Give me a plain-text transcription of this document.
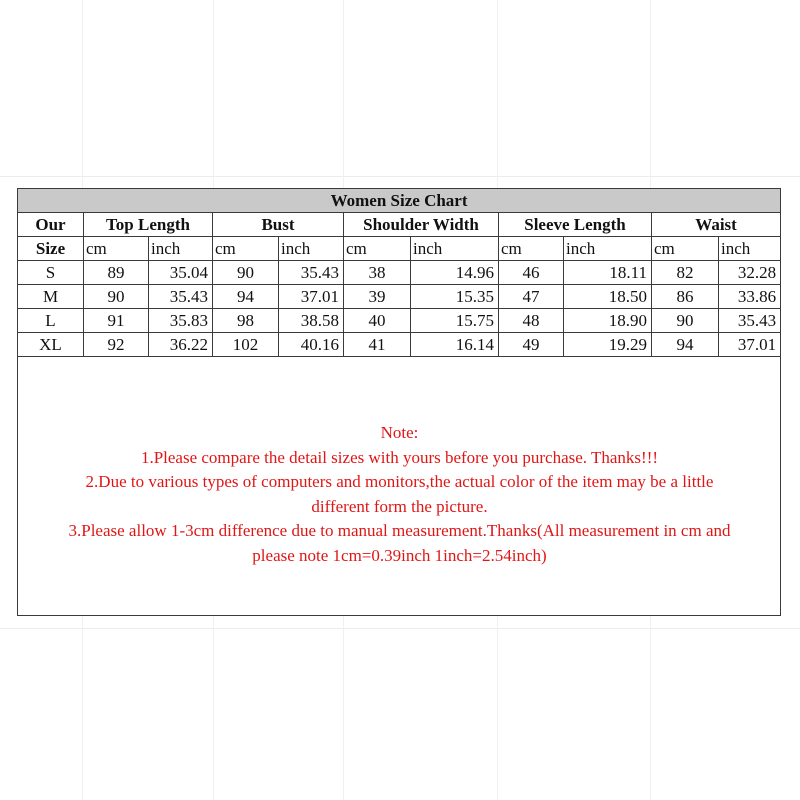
Women Size Chart										
Our	Top Length		Bust		Shoulder Width		Sleeve Length		Waist	
Size	cm	inch	cm	inch	cm	inch	cm	inch	cm	inch
S	89	35.04	90	35.43	38	14.96	46	18.11	82	32.28
M	90	35.43	94	37.01	39	15.35	47	18.50	86	33.86
L	91	35.83	98	38.58	40	15.75	48	18.90	90	35.43
XL	92	36.22	102	40.16	41	16.14	49	19.29	94	37.01
Note:
1.Please compare the detail sizes with yours before you purchase. Thanks!!!
2.Due to various types of computers and monitors,the actual color of the item may be a little
different form the picture.
3.Please allow 1-3cm difference due to manual measurement.Thanks(All measurement in cm and
please note 1cm=0.39inch 1inch=2.54inch)
